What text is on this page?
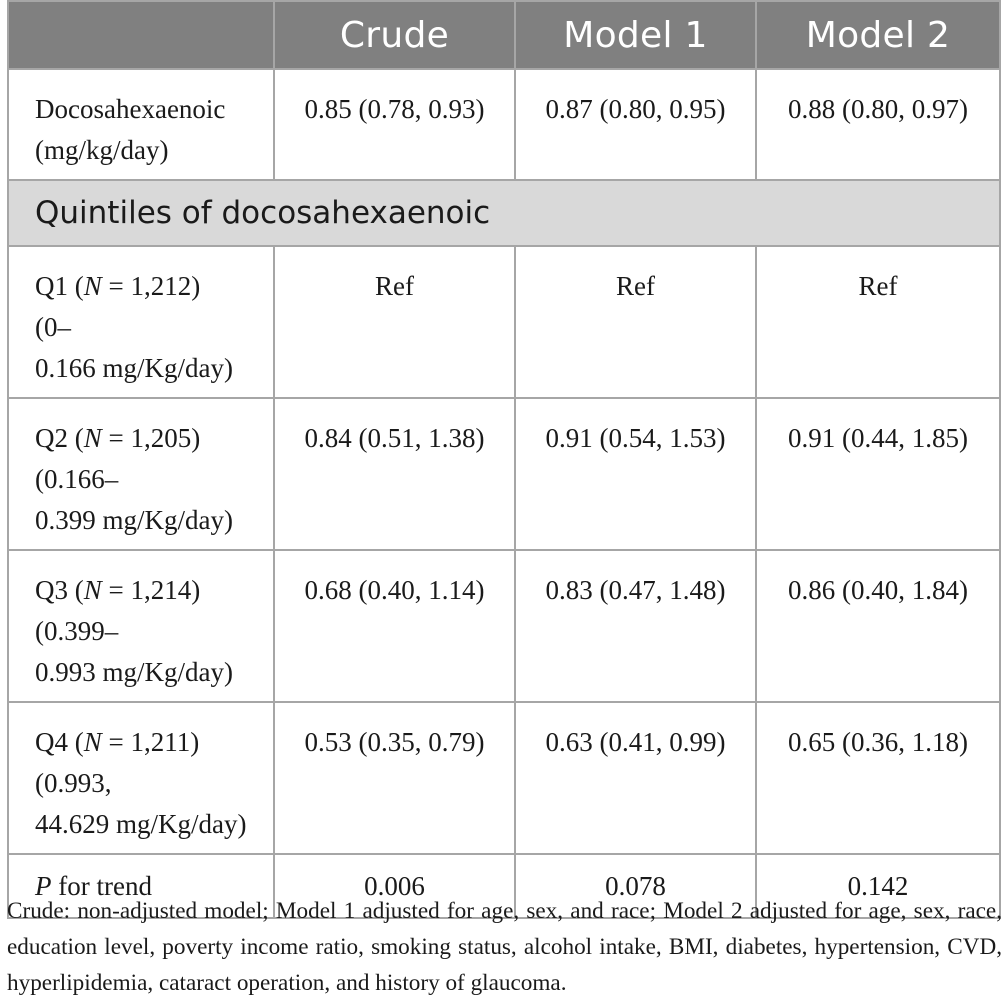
	Crude	Model 1	Model 2

Docosahexaenoic
(mg/kg/day)	0.85 (0.78, 0.93)	0.87 (0.80, 0.95)	0.88 (0.80, 0.97)
Quintiles of docosahexaenoic			

Q1 (N = 1,212)
(0–
0.166 mg/Kg/day)	Ref	Ref	Ref

Q2 (N = 1,205)
(0.166–
0.399 mg/Kg/day)	0.84 (0.51, 1.38)	0.91 (0.54, 1.53)	0.91 (0.44, 1.85)

Q3 (N = 1,214)
(0.399–
0.993 mg/Kg/day)	0.68 (0.40, 1.14)	0.83 (0.47, 1.48)	0.86 (0.40, 1.84)

Q4 (N = 1,211)
(0.993,
44.629 mg/Kg/day)	0.53 (0.35, 0.79)	0.63 (0.41, 0.99)	0.65 (0.36, 1.18)
P for trend	0.006	0.078	0.142
Crude: non-adjusted model; Model 1 adjusted for age, sex, and race; Model 2 adjusted for age, sex, race, education level, poverty income ratio, smoking status, alcohol intake, BMI, diabetes, hypertension, CVD, hyperlipidemia, cataract operation, and history of glaucoma.
